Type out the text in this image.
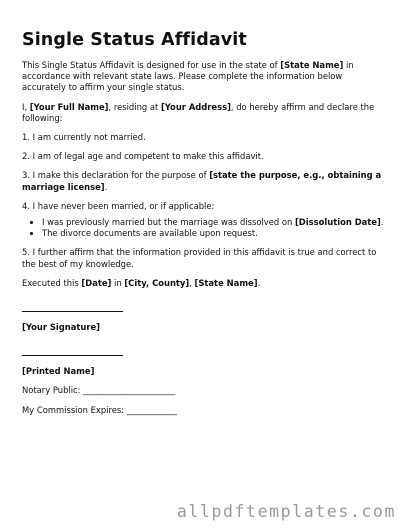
Single Status Affidavit

This Single Status Affidavit is designed for use in the state of [State Name] in accordance with relevant state laws. Please complete the information below accurately to affirm your single status.

I, [Your Full Name], residing at [Your Address], do hereby affirm and declare the following:

1. I am currently not married.

2. I am of legal age and competent to make this affidavit.

3. I make this declaration for the purpose of [state the purpose, e.g., obtaining a marriage license].

4. I have never been married, or if applicable:

• I was previously married but the marriage was dissolved on [Dissolution Date].
• The divorce documents are available upon request.

5. I further affirm that the information provided in this affidavit is true and correct to the best of my knowledge.

Executed this [Date] in [City, County], [State Name].

[Your Signature]
[Printed Name]

Notary Public: ______________________

My Commission Expires: ____________

allpdftemplates.com
